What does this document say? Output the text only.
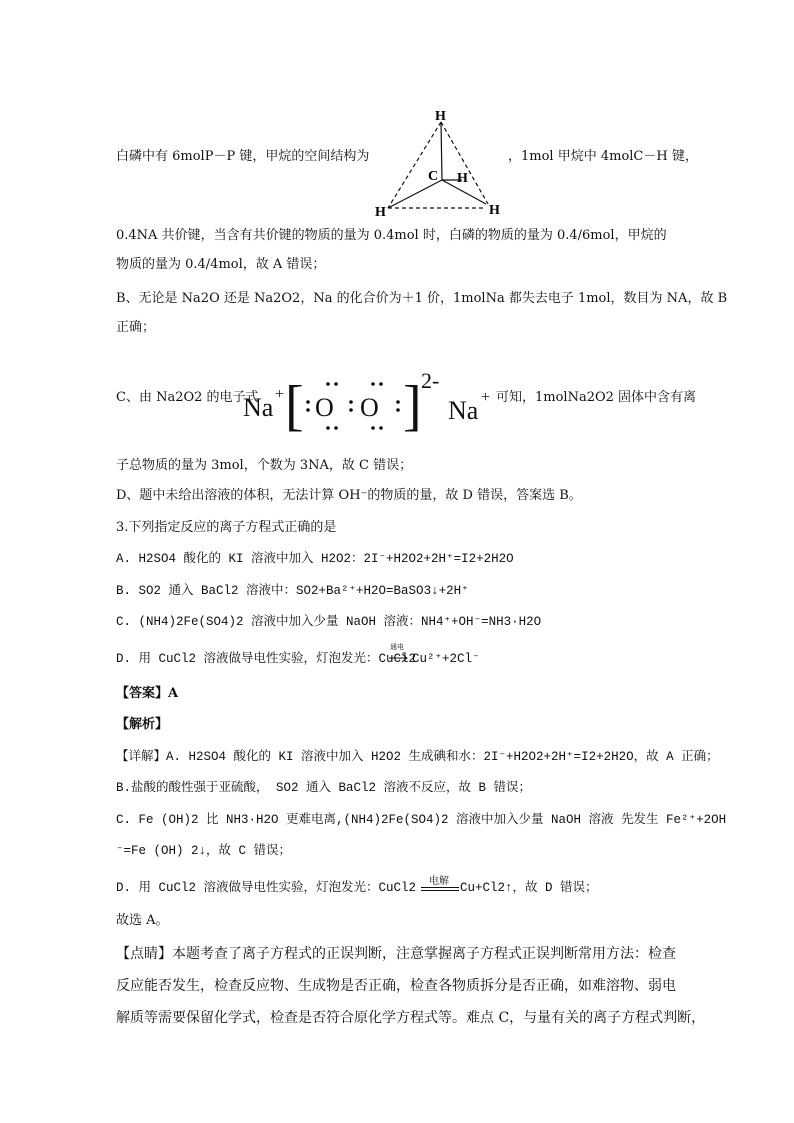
H
C H
H	H
白磷中有 6molP－P 键，甲烷的空间结构为	，1mol 甲烷中 4molC－H 键，
0.4NA 共价键，当含有共价键的物质的量为 0.4mol 时，白磷的物质的量为 0.4/6mol，甲烷的
物质的量为 0.4/4mol，故 A 错误；
B、无论是 Na2O 还是 Na2O2，Na 的化合价为＋1 价，1molNa 都失去电子 1mol，数目为 NA，故 B
正确；
C、由 Na2O2 的电子式
Na + [ O O ] 2-
Na + 可知，1molNa2O2 固体中含有离
子总物质的量为 3mol，个数为 3NA，故 C 错误；
D、题中未给出溶液的体积，无法计算 OH⁻的物质的量，故 D 错误，答案选 B。
3.下列指定反应的离子方程式正确的是
A. H2SO4 酸化的 KI 溶液中加入 H2O2：2I⁻+H2O2+2H⁺=I2+2H2O
B. SO2 通入 BaCl2 溶液中：SO2+Ba²⁺+H2O=BaSO3↓+2H⁺
C. (NH4)2Fe(SO4)2 溶液中加入少量 NaOH 溶液：NH4⁺+OH⁻=NH3·H2O
D. 用 CuCl2 溶液做导电性实验，灯泡发光：CuCl2
通电
Cu²⁺+2Cl⁻
【答案】A
【解析】
【详解】A. H2SO4 酸化的 KI 溶液中加入 H2O2 生成碘和水：2I⁻+H2O2+2H⁺=I2+2H2O，故 A 正确；
B.盐酸的酸性强于亚硫酸， SO2 通入 BaCl2 溶液不反应，故 B 错误；
C. Fe (OH)2 比 NH3·H2O 更难电离,(NH4)2Fe(SO4)2 溶液中加入少量 NaOH 溶液 先发生 Fe²⁺+2OH
⁻=Fe (OH) 2↓，故 C 错误；
D. 用 CuCl2 溶液做导电性实验，灯泡发光：CuCl2 电解 Cu+Cl2↑，故 D 错误；
故选 A。
【点睛】本题考查了离子方程式的正误判断，注意掌握离子方程式正误判断常用方法：检查
反应能否发生，检查反应物、生成物是否正确，检查各物质拆分是否正确，如难溶物、弱电
解质等需要保留化学式，检查是否符合原化学方程式等。难点 C，与量有关的离子方程式判断，
